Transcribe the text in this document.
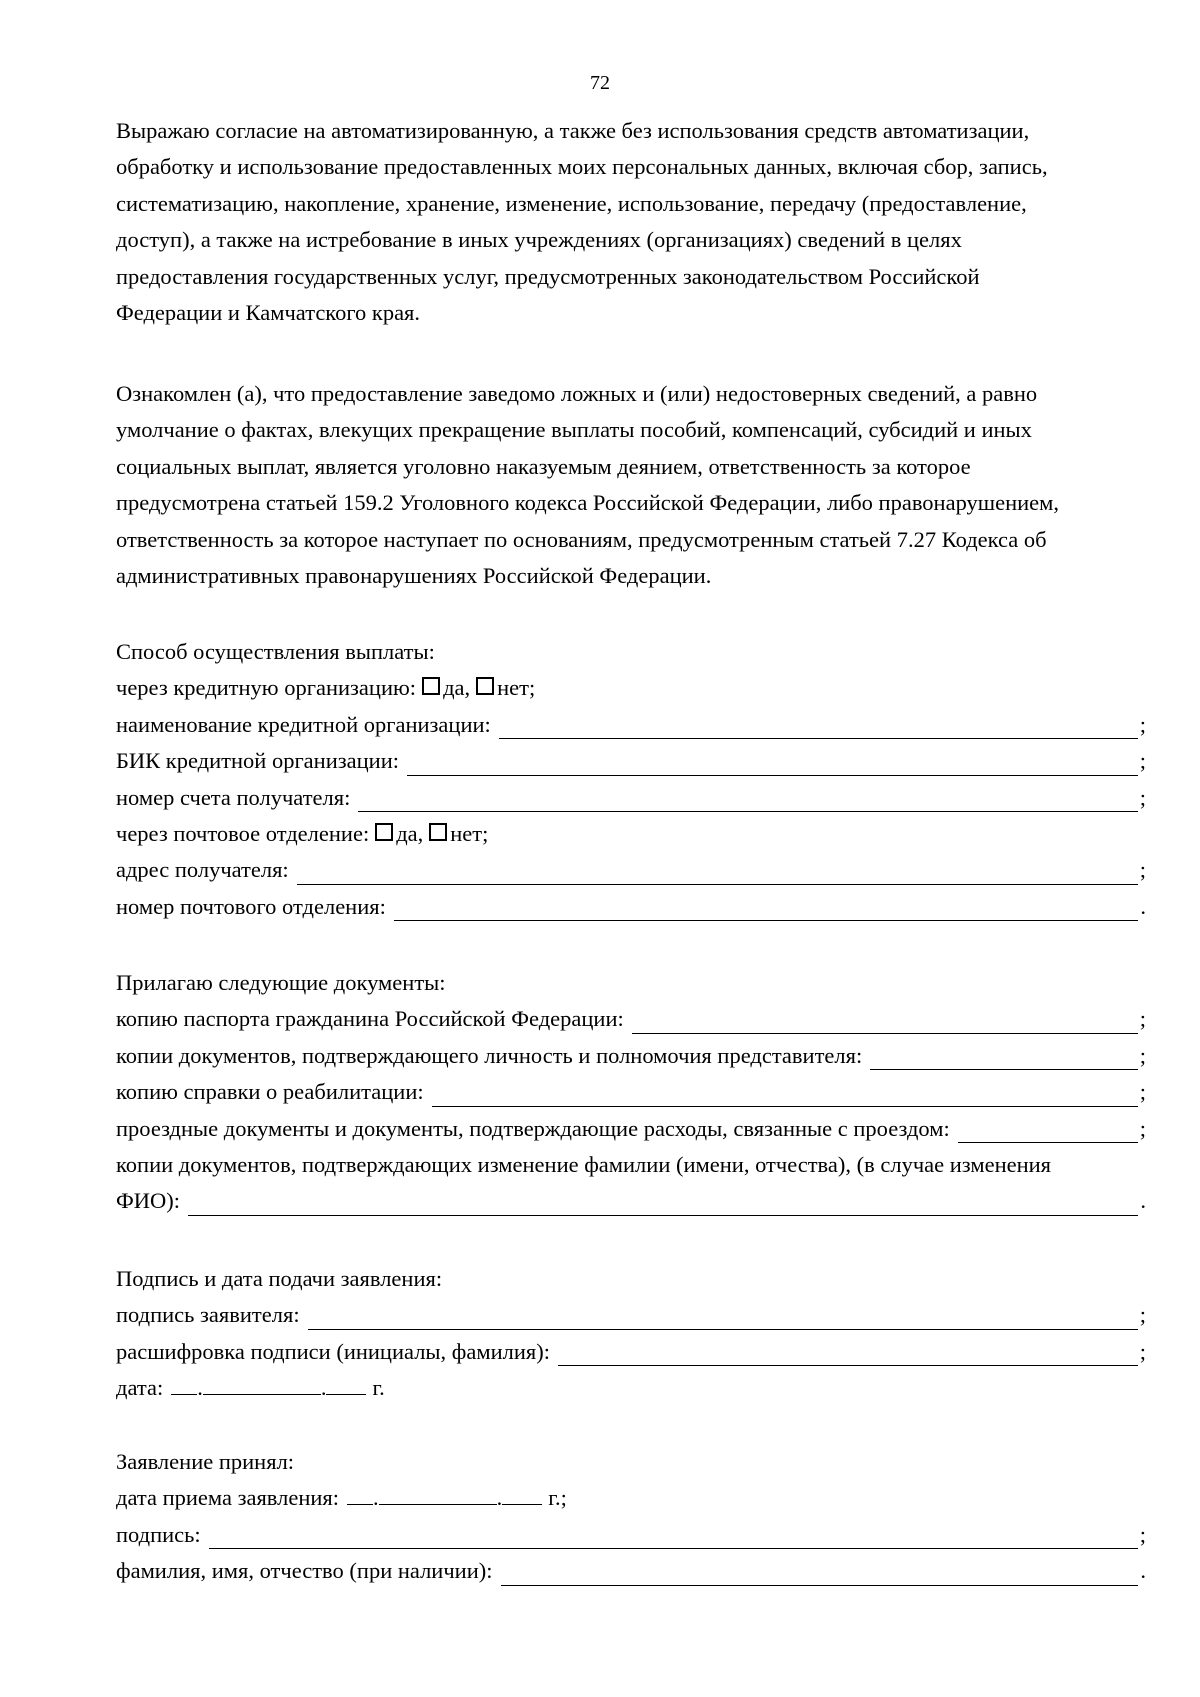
72

Выражаю согласие на автоматизированную, а также без использования средств автоматизации,
обработку и использование предоставленных моих персональных данных, включая сбор, запись,
систематизацию, накопление, хранение, изменение, использование, передачу (предоставление,
доступ), а также на истребование в иных учреждениях (организациях) сведений в целях
предоставления государственных услуг, предусмотренных законодательством Российской
Федерации и Камчатского края.

Ознакомлен (а), что предоставление заведомо ложных и (или) недостоверных сведений, а равно
умолчание о фактах, влекущих прекращение выплаты пособий, компенсаций, субсидий и иных
социальных выплат, является уголовно наказуемым деянием, ответственность за которое
предусмотрена статьей 159.2 Уголовного кодекса Российской Федерации, либо правонарушением,
ответственность за которое наступает по основаниям, предусмотренным статьей 7.27 Кодекса об
административных правонарушениях Российской Федерации.

Способ осуществления выплаты:
через кредитную организацию: да, нет;
наименование кредитной организации:	;
БИК кредитной организации:	;
номер счета получателя:	;
через почтовое отделение: да, нет;
адрес получателя:	;
номер почтового отделения:	.
Прилагаю следующие документы:
копию паспорта гражданина Российской Федерации:	;
копии документов, подтверждающего личность и полномочия представителя:	;
копию справки о реабилитации:	;
проездные документы и документы, подтверждающие расходы, связанные с проездом:	;
копии документов, подтверждающих изменение фамилии (имени, отчества), (в случае изменения
ФИО):	.
Подпись и дата подачи заявления:
подпись заявителя:	;
расшифровка подписи (инициалы, фамилия):	;
дата: .	. г.
Заявление принял:
дата приема заявления: .	. г.;
подпись:	;
фамилия, имя, отчество (при наличии):	.
